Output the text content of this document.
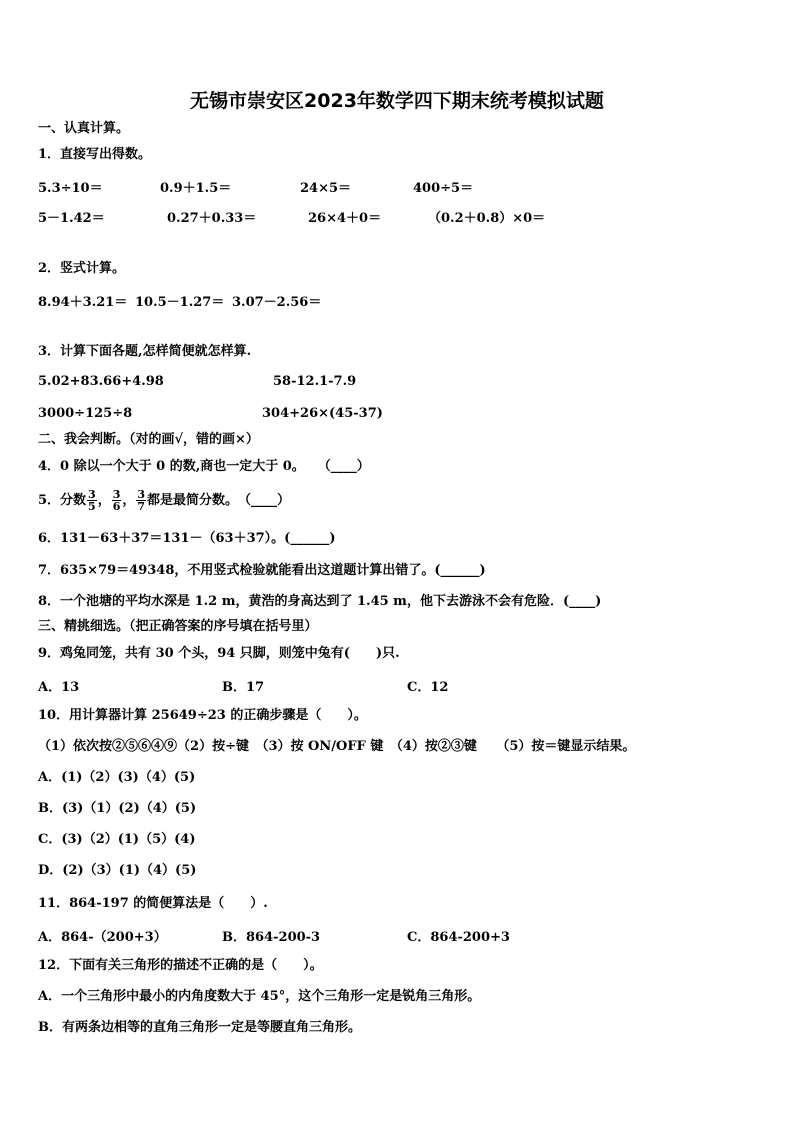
无锡市崇安区2023年数学四下期末统考模拟试题
一、认真计算。
1．直接写出得数。
5.3÷10＝	0.9＋1.5＝	24×5＝	400÷5＝
5－1.42＝	0.27＋0.33＝	26×4＋0＝	（0.2＋0.8）×0＝
2．竖式计算。
8.94＋3.21＝ 10.5－1.27＝ 3.07－2.56＝
3．计算下面各题,怎样简便就怎样算.
5.02+83.66+4.98	58-12.1-7.9
3000÷125÷8	304+26×(45-37)
二、我会判断。（对的画√，错的画×）
4．0 除以一个大于 0 的数,商也一定大于 0。　　（____）
5．分数 $\frac{3}{5}$ ， $\frac{3}{6}$ ， $\frac{3}{7}$ 都是最简分数。　（____）
6．131－63＋37＝131－（63＋37）。(______)
7．635×79＝49348，不用竖式检验就能看出这道题计算出错了。(______)
8．一个池塘的平均水深是 1.2 m，黄浩的身高达到了 1.45 m，他下去游泳不会有危险．(____)
三、精挑细选。（把正确答案的序号填在括号里）
9．鸡兔同笼，共有 30 个头，94 只脚，则笼中兔有(　　)只.
A．13	B．17	C．12
10．用计算器计算 25649÷23 的正确步骤是（　　）。
（1）依次按②⑤⑥④⑨（2）按÷键　（3）按 ON/OFF 键　（4）按②③键　　（5）按＝键显示结果。
A．(1)（2）(3)（4）(5)
B．(3)（1）(2)（4）(5)
C．(3)（2）(1)（5）(4)
D．(2)（3）(1)（4）(5)
11．864-197 的简便算法是（　　）.
A．864-（200+3）	B．864-200-3	C．864-200+3
12．下面有关三角形的描述不正确的是（　　）。
A．一个三角形中最小的内角度数大于 45°，这个三角形一定是锐角三角形。
B．有两条边相等的直角三角形一定是等腰直角三角形。
